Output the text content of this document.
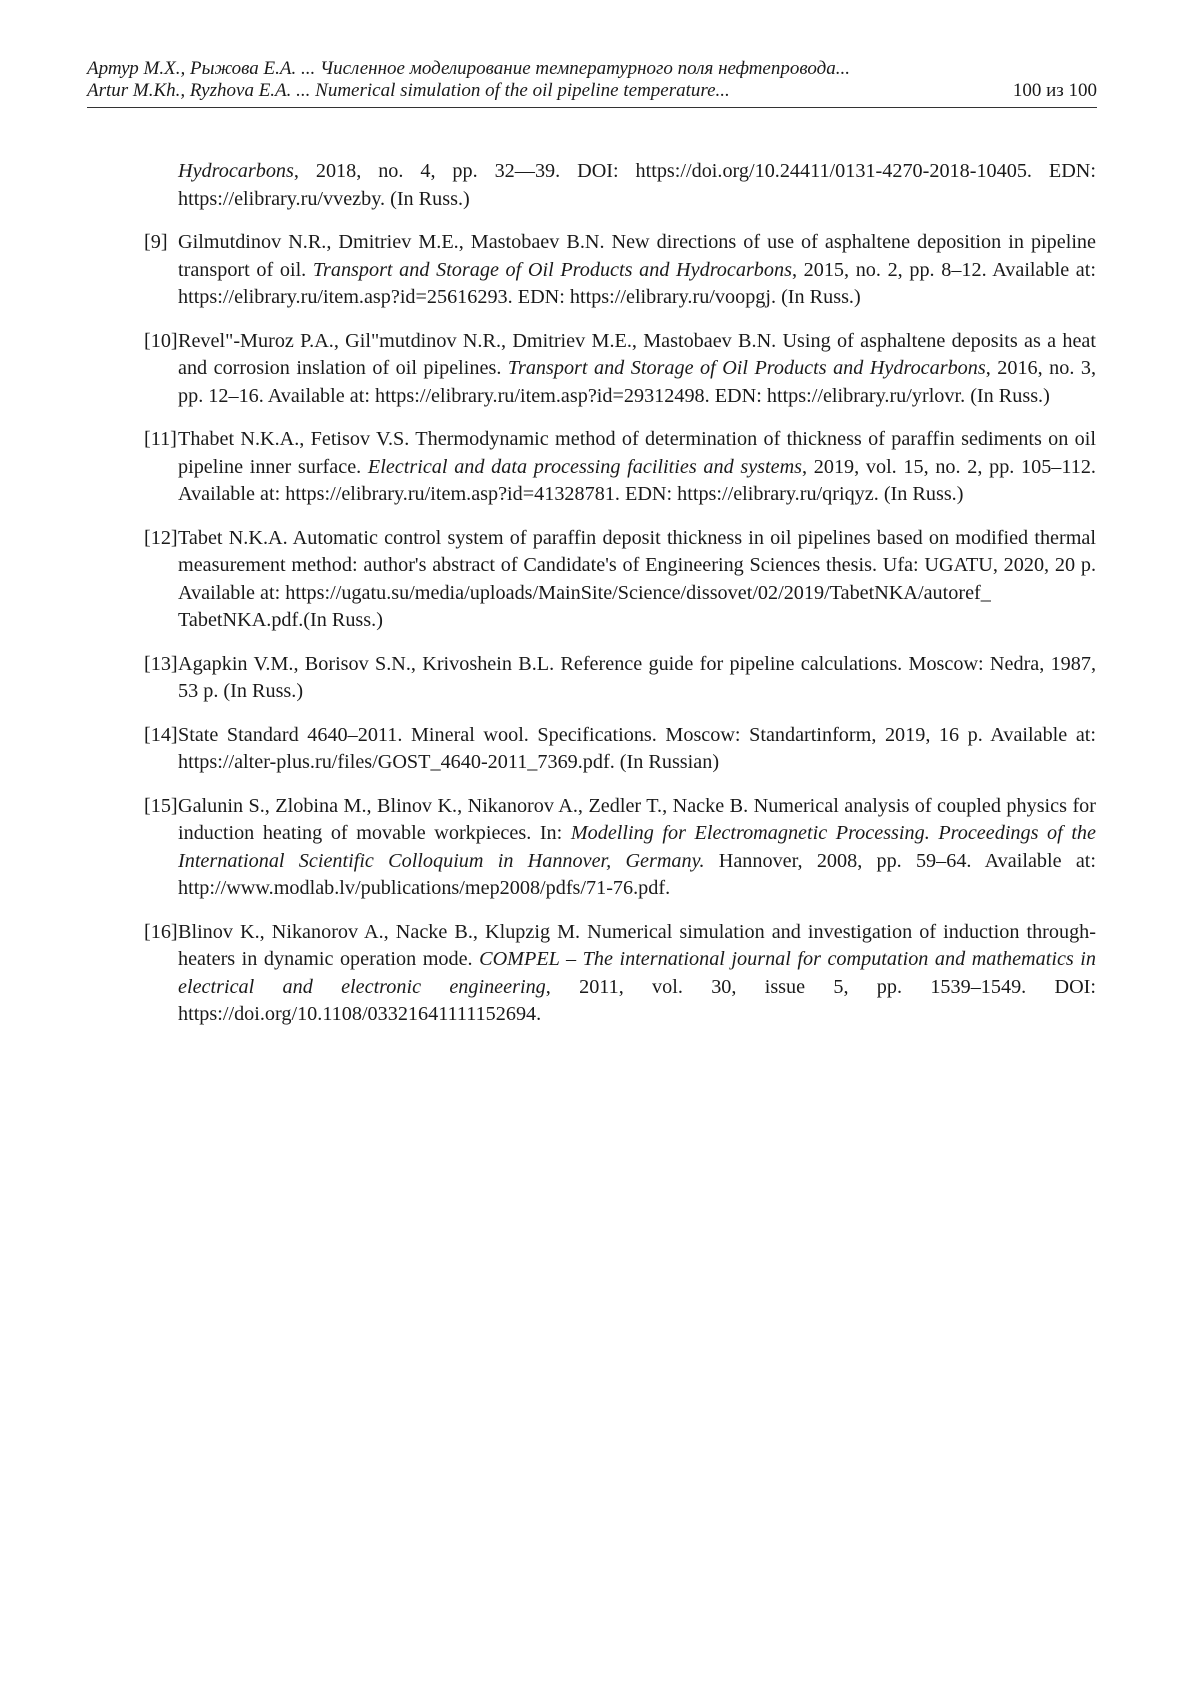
Артур М.Х., Рыжова Е.А. ... Численное моделирование температурного поля нефтепровода...
Artur M.Kh., Ryzhova E.A. ... Numerical simulation of the oil pipeline temperature...	100 из 100
Hydrocarbons, 2018, no. 4, pp. 32—39. DOI: https://doi.org/10.24411/0131-4270-2018-10405. EDN: https://elibrary.ru/vvezby. (In Russ.)
[9] Gilmutdinov N.R., Dmitriev M.E., Mastobaev B.N. New directions of use of asphaltene deposition in pipeline transport of oil. Transport and Storage of Oil Products and Hydrocarbons, 2015, no. 2, pp. 8–12. Available at: https://elibrary.ru/item.asp?id=25616293. EDN: https://elibrary.ru/voopgj. (In Russ.)
[10] Revel"-Muroz P.A., Gil"mutdinov N.R., Dmitriev M.E., Mastobaev B.N. Using of asphaltene deposits as a heat and corrosion inslation of oil pipelines. Transport and Storage of Oil Products and Hydrocarbons, 2016, no. 3, pp. 12–16. Available at: https://elibrary.ru/item.asp?id=29312498. EDN: https://elibrary.ru/yrlovr. (In Russ.)
[11] Thabet N.K.A., Fetisov V.S. Thermodynamic method of determination of thickness of paraffin sediments on oil pipeline inner surface. Electrical and data processing facilities and systems, 2019, vol. 15, no. 2, pp. 105–112. Available at: https://elibrary.ru/item.asp?id=41328781. EDN: https://elibrary.ru/qriqyz. (In Russ.)
[12] Tabet N.K.A. Automatic control system of paraffin deposit thickness in oil pipelines based on modified thermal measurement method: author's abstract of Candidate's of Engineering Sciences thesis. Ufa: UGATU, 2020, 20 p. Available at: https://ugatu.su/media/uploads/MainSite/Science/dissovet/02/2019/TabetNKA/autoref_
TabetNKA.pdf.(In Russ.)
[13] Agapkin V.M., Borisov S.N., Krivoshein B.L. Reference guide for pipeline calculations. Moscow: Nedra, 1987, 53 p. (In Russ.)
[14] State Standard 4640–2011. Mineral wool. Specifications. Moscow: Standartinform, 2019, 16 p. Available at: https://alter-plus.ru/files/GOST_4640-2011_7369.pdf. (In Russian)
[15] Galunin S., Zlobina M., Blinov K., Nikanorov A., Zedler T., Nacke B. Numerical analysis of coupled physics for induction heating of movable workpieces. In: Modelling for Electromagnetic Processing. Proceedings of the International Scientific Colloquium in Hannover, Germany. Hannover, 2008, pp. 59–64. Available at: http://www.modlab.lv/publications/mep2008/pdfs/71-76.pdf.
[16] Blinov K., Nikanorov A., Nacke B., Klupzig M. Numerical simulation and investigation of induction through-heaters in dynamic operation mode. COMPEL – The international journal for computation and mathematics in electrical and electronic engineering, 2011, vol. 30, issue 5, pp. 1539–1549. DOI: https://doi.org/10.1108/03321641111152694.
